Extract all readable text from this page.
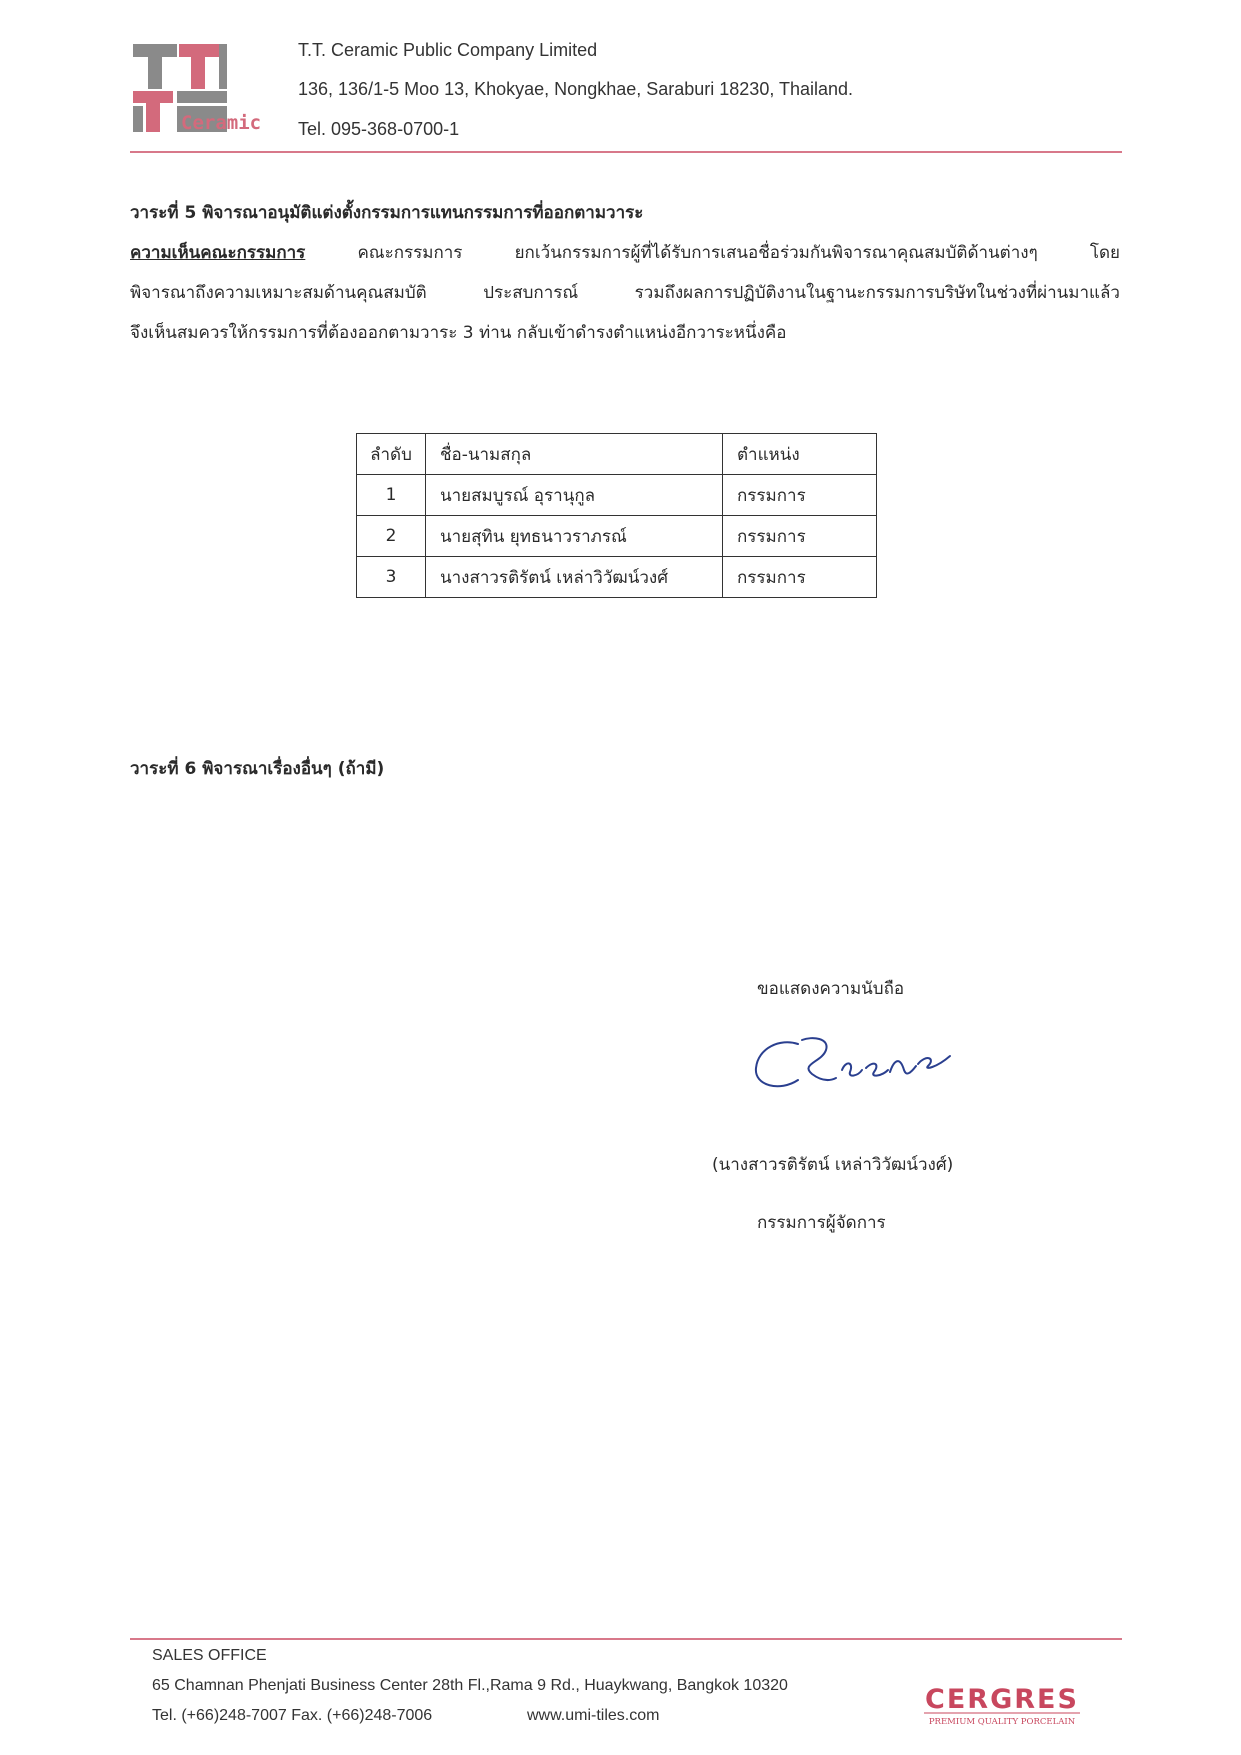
Ceramic
T.T. Ceramic Public Company Limited
136, 136/1-5 Moo 13, Khokyae, Nongkhae, Saraburi 18230, Thailand.
Tel. 095-368-0700-1
วาระที่ 5 พิจารณาอนุมัติแต่งตั้งกรรมการแทนกรรมการที่ออกตามวาระ
ความเห็นคณะกรรมการ	คณะกรรมการ	ยกเว้นกรรมการผู้ที่ได้รับการเสนอชื่อร่วมกันพิจารณาคุณสมบัติด้านต่างๆ	โดย
พิจารณาถึงความเหมาะสมด้านคุณสมบัติ	ประสบการณ์	รวมถึงผลการปฏิบัติงานในฐานะกรรมการบริษัทในช่วงที่ผ่านมาแล้ว
จึงเห็นสมควรให้กรรมการที่ต้องออกตามวาระ 3 ท่าน กลับเข้าดำรงตำแหน่งอีกวาระหนึ่งคือ
ลำดับ	ชื่อ-นามสกุล	ตำแหน่ง
1	นายสมบูรณ์ อุรานุกูล	กรรมการ
2	นายสุทิน ยุทธนาวราภรณ์	กรรมการ
3	นางสาวรติรัตน์ เหล่าวิวัฒน์วงศ์	กรรมการ
วาระที่ 6 พิจารณาเรื่องอื่นๆ (ถ้ามี)
ขอแสดงความนับถือ
(นางสาวรติรัตน์ เหล่าวิวัฒน์วงศ์)
กรรมการผู้จัดการ
SALES OFFICE
65 Chamnan Phenjati Business Center 28th Fl.,Rama 9 Rd., Huaykwang, Bangkok 10320
Tel. (+66)248-7007 Fax. (+66)248-7006	www.umi-tiles.com
CERGRES
PREMIUM QUALITY PORCELAIN
